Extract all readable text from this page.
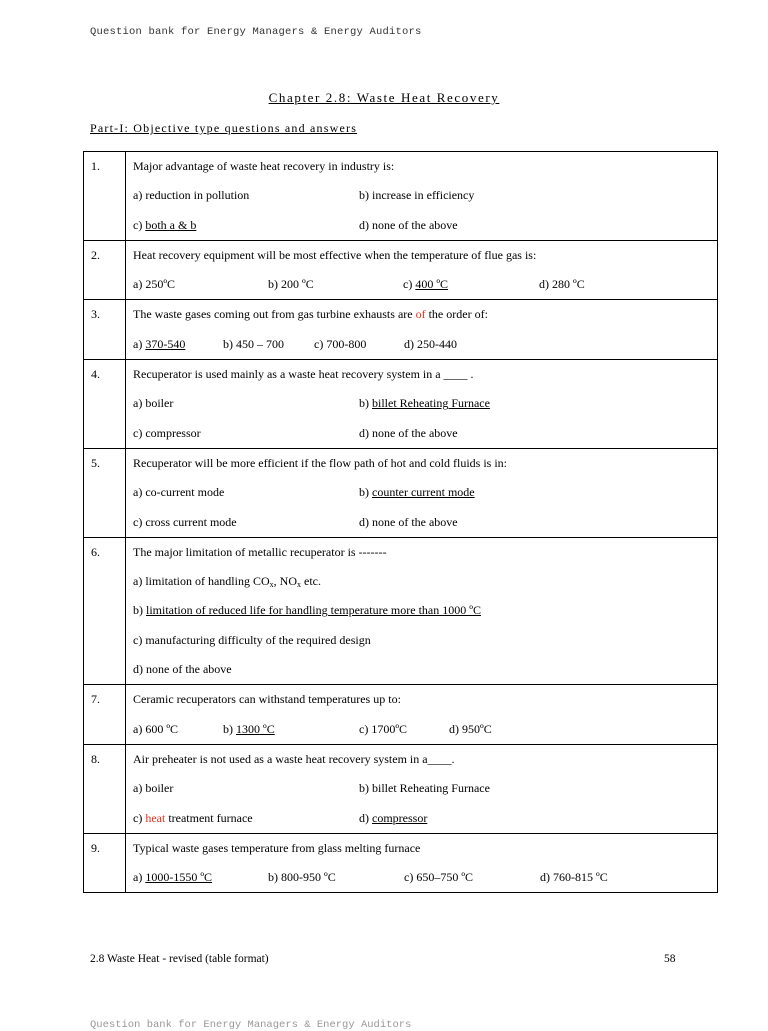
Question bank for Energy Managers & Energy Auditors
Chapter 2.8: Waste Heat Recovery
Part-I: Objective type questions and answers
1.	Major advantage of waste heat recovery in industry is:
a) reduction in pollution b) increase in efficiency
c) both a & b d) none of the above

2.	Heat recovery equipment will be most effective when the temperature of flue gas is:
a) 250ºC b) 200 ºC c) 400 ºC d) 280 ºC

3.	The waste gases coming out from gas turbine exhausts are of the order of:
a) 370-540 b) 450 – 700 c) 700-800 d) 250-440

4.	Recuperator is used mainly as a waste heat recovery system in a ____ .
a) boiler b) billet Reheating Furnace
c) compressor d) none of the above

5.	Recuperator will be more efficient if the flow path of hot and cold fluids is in:
a) co-current mode b) counter current mode
c) cross current mode d) none of the above

6.	The major limitation of metallic recuperator is -------
a) limitation of handling $CO_x$, $NO_x$ etc.
b) limitation of reduced life for handling temperature more than 1000 ºC
c) manufacturing difficulty of the required design
d) none of the above

7.	Ceramic recuperators can withstand temperatures up to:
a) 600 ºC b) 1300 ºC c) 1700ºC d) 950ºC

8.	Air preheater is not used as a waste heat recovery system in a____.
a) boiler b) billet Reheating Furnace
c) heat treatment furnace d) compressor

9.	Typical waste gases temperature from glass melting furnace
a) 1000-1550 ºC b) 800-950 ºC c) 650–750 ºC d) 760-815 ºC
2.8 Waste Heat - revised (table format)	58
Question bank for Energy Managers & Energy Auditors
